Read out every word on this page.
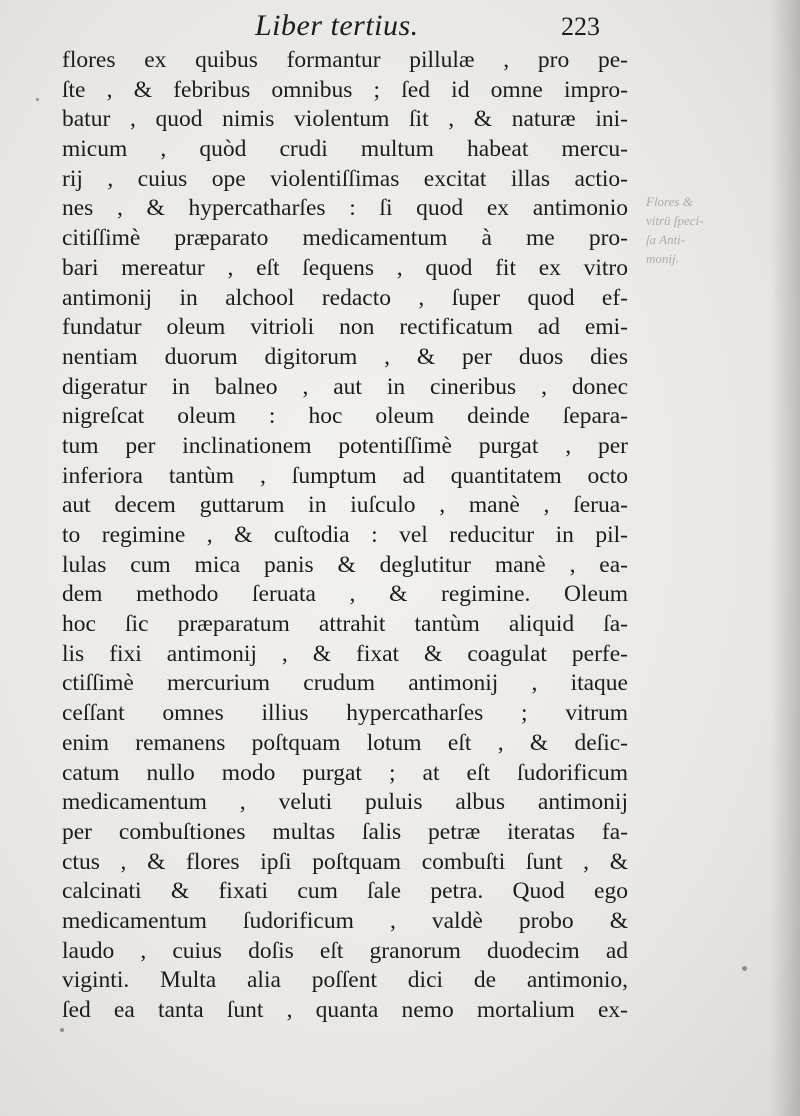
Liber tertius.	223
flores ex quibus formantur pillulæ , pro pe-
ſte , & febribus omnibus ; ſed id omne impro-
batur , quod nimis violentum ſit , & naturæ ini-
micum , quòd crudi multum habeat mercu-
rij , cuius ope violentiſſimas excitat illas actio-
nes , & hypercatharſes : ſi quod ex antimonio
citiſſimè præparato medicamentum à me pro-
bari mereatur , eſt ſequens , quod fit ex vitro
antimonij in alchool redacto , ſuper quod ef-
fundatur oleum vitrioli non rectificatum ad emi-
nentiam duorum digitorum , & per duos dies
digeratur in balneo , aut in cineribus , donec
nigreſcat oleum : hoc oleum deinde ſepara-
tum per inclinationem potentiſſimè purgat , per
inferiora tantùm , ſumptum ad quantitatem octo
aut decem guttarum in iuſculo , manè , ſerua-
to regimine , & cuſtodia : vel reducitur in pil-
lulas cum mica panis & deglutitur manè , ea-
dem methodo ſeruata , & regimine. Oleum
hoc ſic præparatum attrahit tantùm aliquid ſa-
lis fixi antimonij , & fixat & coagulat perfe-
ctiſſimè mercurium crudum antimonij , itaque
ceſſant omnes illius hypercatharſes ; vitrum
enim remanens poſtquam lotum eſt , & deſic-
catum nullo modo purgat ; at eſt ſudorificum
medicamentum , veluti puluis albus antimonij
per combuſtiones multas ſalis petræ iteratas fa-
ctus , & flores ipſi poſtquam combuſti ſunt , &
calcinati & fixati cum ſale petra. Quod ego
medicamentum ſudorificum , valdè probo &
laudo , cuius doſis eſt granorum duodecim ad
viginti. Multa alia poſſent dici de antimonio,
ſed ea tanta ſunt , quanta nemo mortalium ex-
Flores &
vitrū ſpeci-
ſa Anti-
monij.
